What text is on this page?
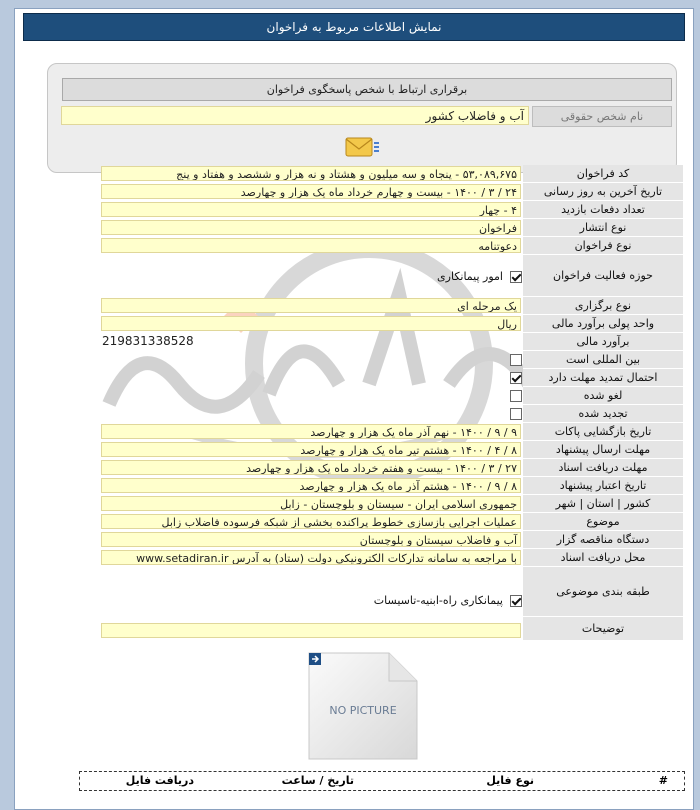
نمایش اطلاعات مربوط به فراخوان
برقراری ارتباط با شخص پاسخگوی فراخوان
نام شخص حقوقی
آب و فاضلاب کشور
کد فراخوان
۵۳,۰۸۹,۶۷۵ - پنجاه و سه میلیون و هشتاد و نه هزار و ششصد و هفتاد و پنج
تاریخ آخرین به روز رسانی
۲۴ / ۳ / ۱۴۰۰ - بیست و چهارم خرداد ماه یک هزار و چهارصد
تعداد دفعات بازدید
۴ - چهار
نوع انتشار
فراخوان
نوع فراخوان
دعوتنامه
حوزه فعالیت فراخوان
امور پیمانکاری
نوع برگزاری
یک مرحله ای
واحد پولی برآورد مالی
ریال
برآورد مالی
219831338528
بین المللی است
احتمال تمدید مهلت دارد
لغو شده
تجدید شده
تاریخ بازگشایی پاکات
۹ / ۹ / ۱۴۰۰ - نهم آذر ماه یک هزار و چهارصد
مهلت ارسال پیشنهاد
۸ / ۴ / ۱۴۰۰ - هشتم تیر ماه یک هزار و چهارصد
مهلت دریافت اسناد
۲۷ / ۳ / ۱۴۰۰ - بیست و هفتم خرداد ماه یک هزار و چهارصد
تاریخ اعتبار پیشنهاد
۸ / ۹ / ۱۴۰۰ - هشتم آذر ماه یک هزار و چهارصد
کشور | استان | شهر
جمهوری اسلامی ایران - سیستان و بلوچستان - زابل
موضوع
عملیات اجرایی بازسازی خطوط پراکنده بخشی از شبکه فرسوده فاضلاب زابل
دستگاه مناقصه گزار
آب و فاضلاب سیستان و بلوچستان
محل دریافت اسناد
با مراجعه به سامانه تدارکات الکترونیکی دولت (ستاد) به آدرس www.setadiran.ir
طبقه بندی موضوعی
پیمانکاری راه-ابنیه-تاسیسات
توضیحات
NO PICTURE
#
نوع فایل
تاریخ / ساعت
دریافت فایل
